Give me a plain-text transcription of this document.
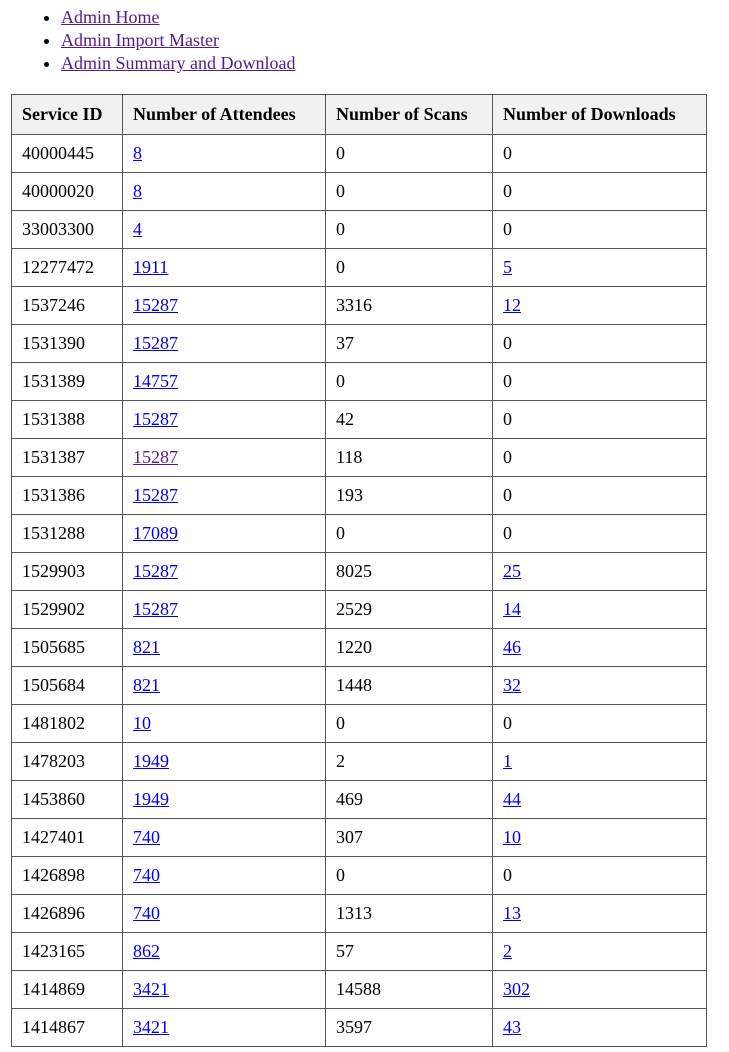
• Admin Home
• Admin Import Master
• Admin Summary and Download
Service ID	Number of Attendees	Number of Scans	Number of Downloads
40000445	8	0	0
40000020	8	0	0
33003300	4	0	0
12277472	1911	0	5
1537246	15287	3316	12
1531390	15287	37	0
1531389	14757	0	0
1531388	15287	42	0
1531387	15287	118	0
1531386	15287	193	0
1531288	17089	0	0
1529903	15287	8025	25
1529902	15287	2529	14
1505685	821	1220	46
1505684	821	1448	32
1481802	10	0	0
1478203	1949	2	1
1453860	1949	469	44
1427401	740	307	10
1426898	740	0	0
1426896	740	1313	13
1423165	862	57	2
1414869	3421	14588	302
1414867	3421	3597	43
